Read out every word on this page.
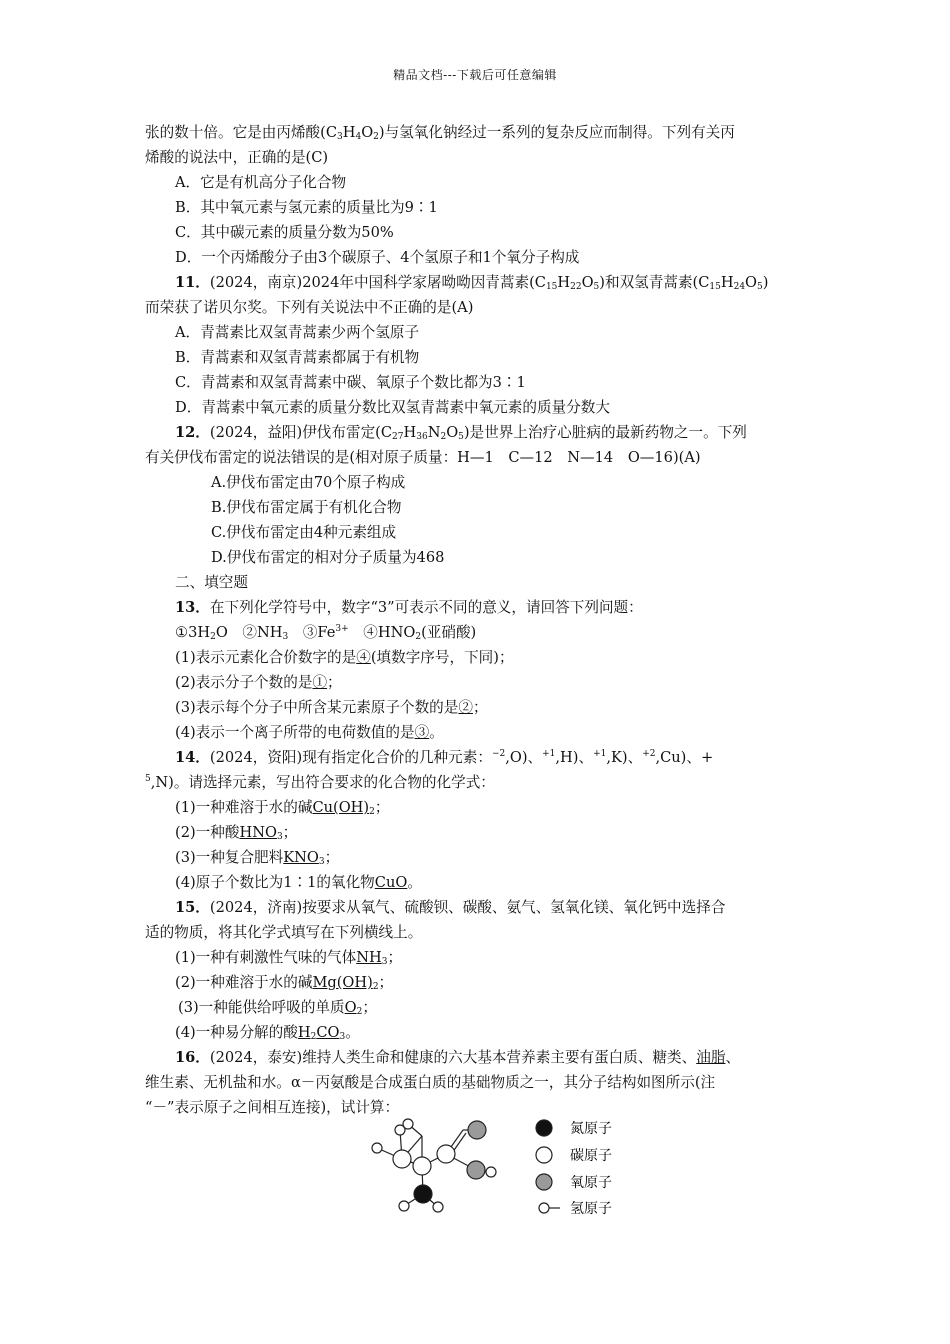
精品文档---下载后可任意编辑
张的数十倍。它是由丙烯酸$(C_3H_4O_2)$与氢氧化钠经过一系列的复杂反应而制得。下列有关丙
烯酸的说法中，正确的是(C)
A．它是有机高分子化合物
B．其中氧元素与氢元素的质量比为9∶1
C．其中碳元素的质量分数为50%
D．一个丙烯酸分子由3个碳原子、4个氢原子和1个氧分子构成
11．(2024，南京)2024年中国科学家屠呦呦因青蒿素$(C_{15}H_{22}O_5)$和双氢青蒿素$(C_{15}H_{24}O_5)$
而荣获了诺贝尔奖。下列有关说法中不正确的是(A)
A．青蒿素比双氢青蒿素少两个氢原子
B．青蒿素和双氢青蒿素都属于有机物
C．青蒿素和双氢青蒿素中碳、氧原子个数比都为3∶1
D．青蒿素中氧元素的质量分数比双氢青蒿素中氧元素的质量分数大
12．(2024，益阳)伊伐布雷定$(C_{27}H_{36}N_2O_5)$是世界上治疗心脏病的最新药物之一。下列
有关伊伐布雷定的说法错误的是(相对原子质量：H—1　C—12　N—14　O—16)(A)
A.伊伐布雷定由70个原子构成
B.伊伐布雷定属于有机化合物
C.伊伐布雷定由4种元素组成
D.伊伐布雷定的相对分子质量为468
二、填空题
13．在下列化学符号中，数字“3”可表示不同的意义，请回答下列问题：
$①3H_2O$　$②NH_3$　$③Fe^{3+}$　$④HNO_2$(亚硝酸)
(1)表示元素化合价数字的是④(填数字序号，下同)；
(2)表示分子个数的是①；
(3)表示每个分子中所含某元素原子个数的是②；
(4)表示一个离子所带的电荷数值的是③。
14．(2024，资阳)现有指定化合价的几种元素：$^{-2}$,O)、$^{+1}$,H)、$^{+1}$,K)、$^{+2}$,Cu)、+
$^5$,N)。请选择元素，写出符合要求的化合物的化学式：
(1)一种难溶于水的碱$Cu(OH)_2$；
(2)一种酸$HNO_3$；
(3)一种复合肥料$KNO_3$；
(4)原子个数比为1∶1的氧化物CuO。
15．(2024，济南)按要求从氧气、硫酸钡、碳酸、氨气、氢氧化镁、氧化钙中选择合
适的物质，将其化学式填写在下列横线上。
(1)一种有刺激性气味的气体$NH_3$；
(2)一种难溶于水的碱$Mg(OH)_2$；
(3)一种能供给呼吸的单质$O_2$；
(4)一种易分解的酸$H_2CO_3$。
16．(2024，泰安)维持人类生命和健康的六大基本营养素主要有蛋白质、糖类、油脂、
维生素、无机盐和水。α－丙氨酸是合成蛋白质的基础物质之一，其分子结构如图所示(注
“－”表示原子之间相互连接)，试计算：
氮原子
碳原子
氧原子
氢原子
